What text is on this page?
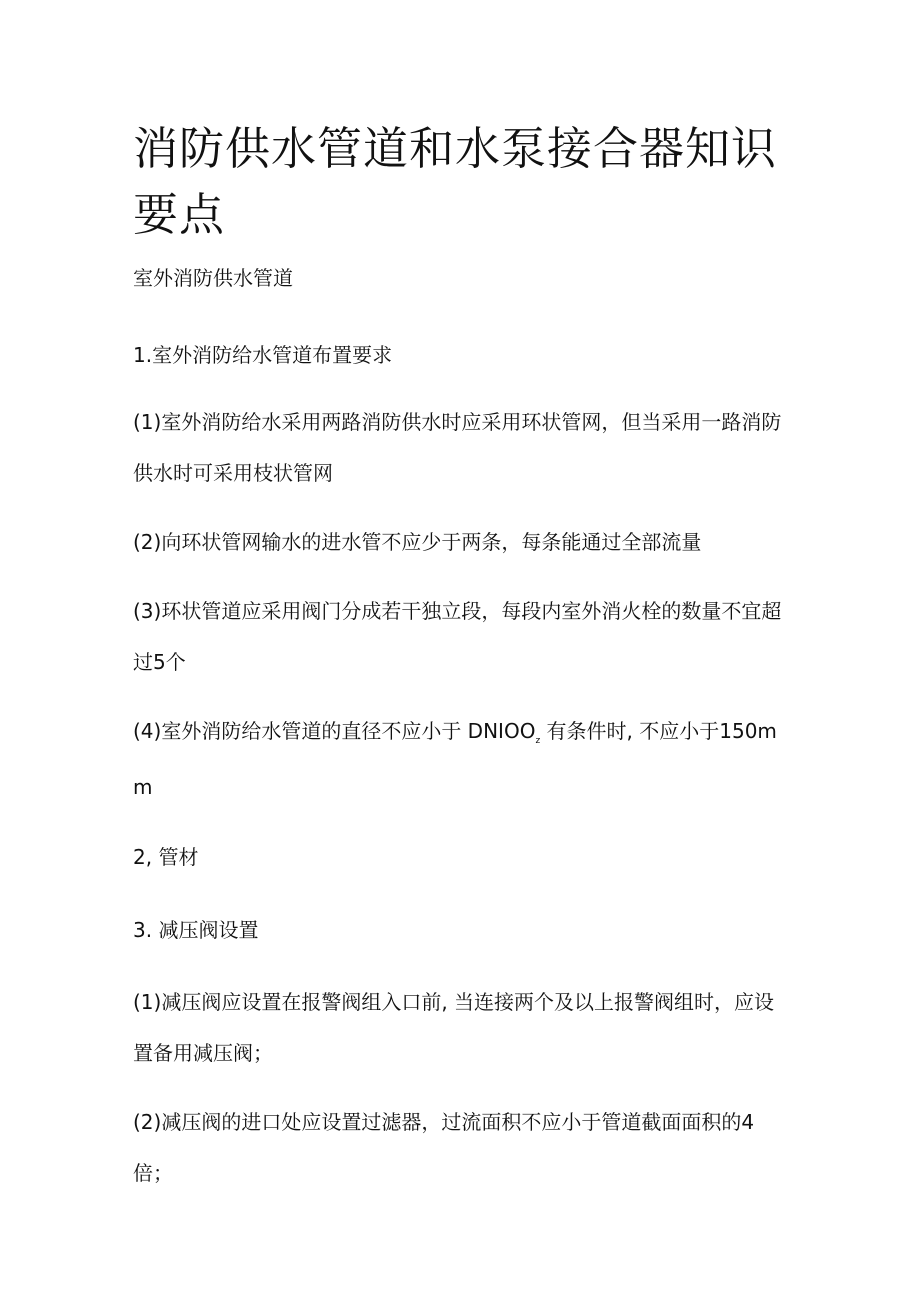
消防供水管道和水泵接合器知识要点

室外消防供水管道

1.室外消防给水管道布置要求

(1)室外消防给水采用两路消防供水时应采用环状管网，但当采用一路消防供水时可采用枝状管网

(2)向环状管网输水的进水管不应少于两条，每条能通过全部流量

(3)环状管道应采用阀门分成若干独立段，每段内室外消火栓的数量不宜超过5个

(4)室外消防给水管道的直径不应小于 $DNIOO_z$ 有条件时, 不应小于150mm

2, 管材

3. 减压阀设置

(1)减压阀应设置在报警阀组入口前, 当连接两个及以上报警阀组时，应设置备用减压阀；

(2)减压阀的进口处应设置过滤器，过流面积不应小于管道截面面积的4倍；
